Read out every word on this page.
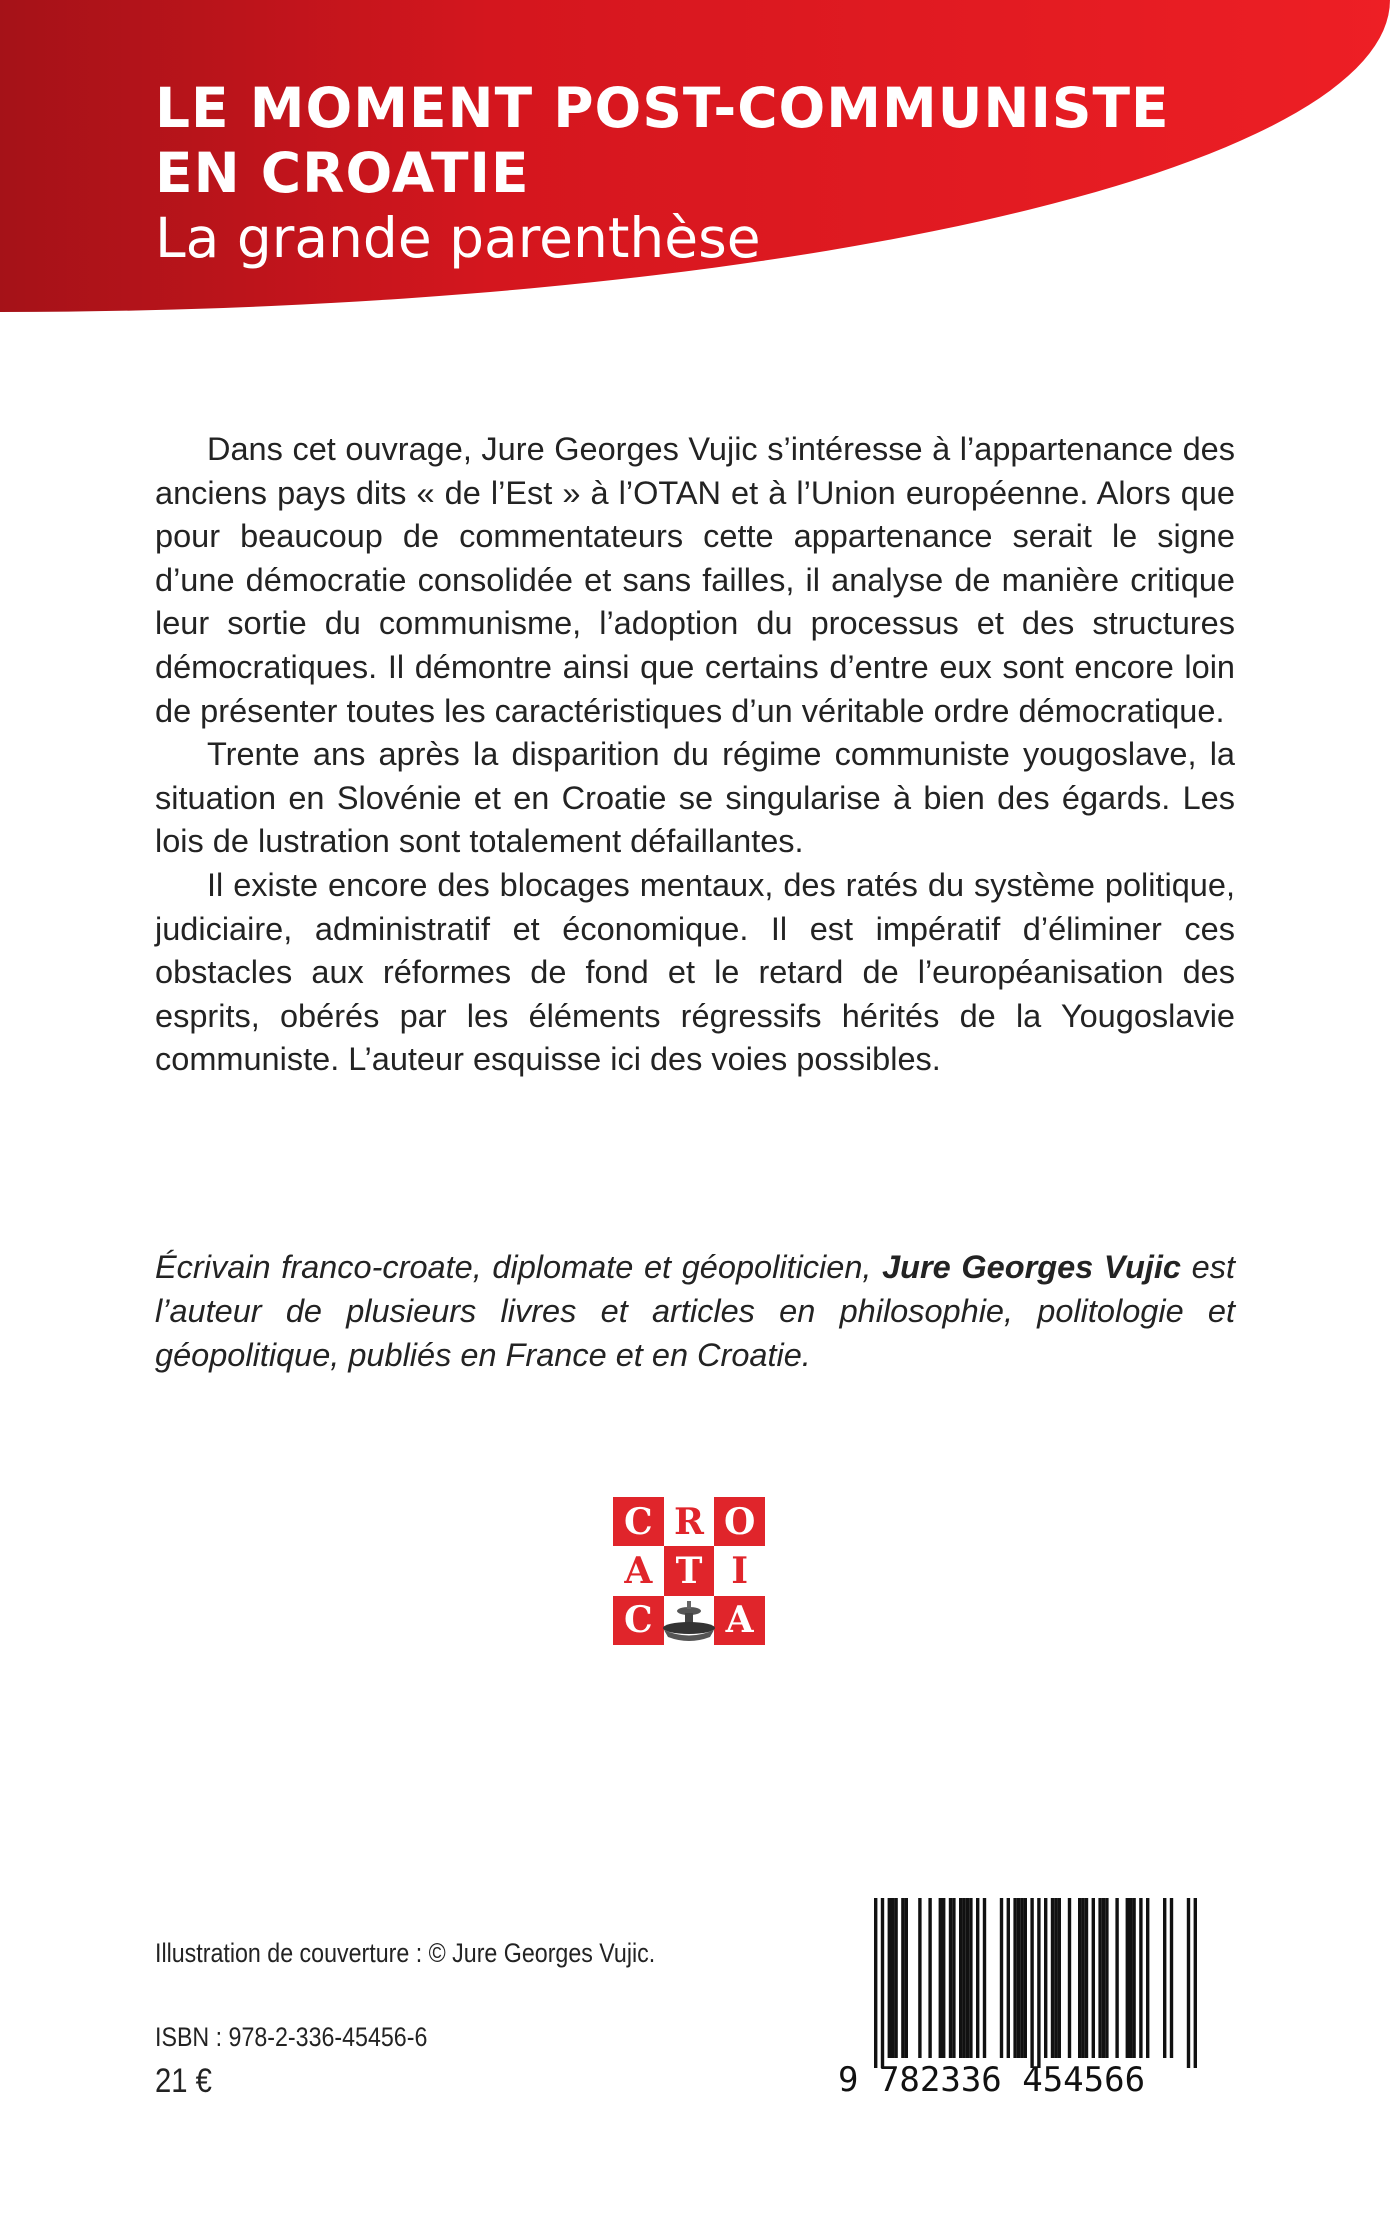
LE MOMENT POST-COMMUNISTE
EN CROATIE
La grande parenthèse

Dans cet ouvrage, Jure Georges Vujic s’intéresse à l’appartenance des anciens pays dits « de l’Est » à l’OTAN et à l’Union européenne. Alors que pour beaucoup de commentateurs cette appartenance serait le signe d’une démocratie consolidée et sans failles, il analyse de manière critique leur sortie du communisme, l’adoption du processus et des structures démocratiques. Il démontre ainsi que certains d’entre eux sont encore loin de présenter toutes les caractéristiques d’un véritable ordre démocratique.

Trente ans après la disparition du régime communiste yougoslave, la situation en Slovénie et en Croatie se singularise à bien des égards. Les lois de lustration sont totalement défaillantes.

Il existe encore des blocages mentaux, des ratés du système politique, judiciaire, administratif et économique. Il est impératif d’éliminer ces obstacles aux réformes de fond et le retard de l’européanisation des esprits, obérés par les éléments régressifs hérités de la Yougoslavie communiste. L’auteur esquisse ici des voies possibles.

Écrivain franco-croate, diplomate et géopoliticien, Jure Georges Vujic est l’auteur de plusieurs livres et articles en philosophie, politologie et géopolitique, publiés en France et en Croatie.

C R O
A T I
C	A

Illustration de couverture : © Jure Georges Vujic.

ISBN : 978-2-336-45456-6

21 €	9 782336 454566
